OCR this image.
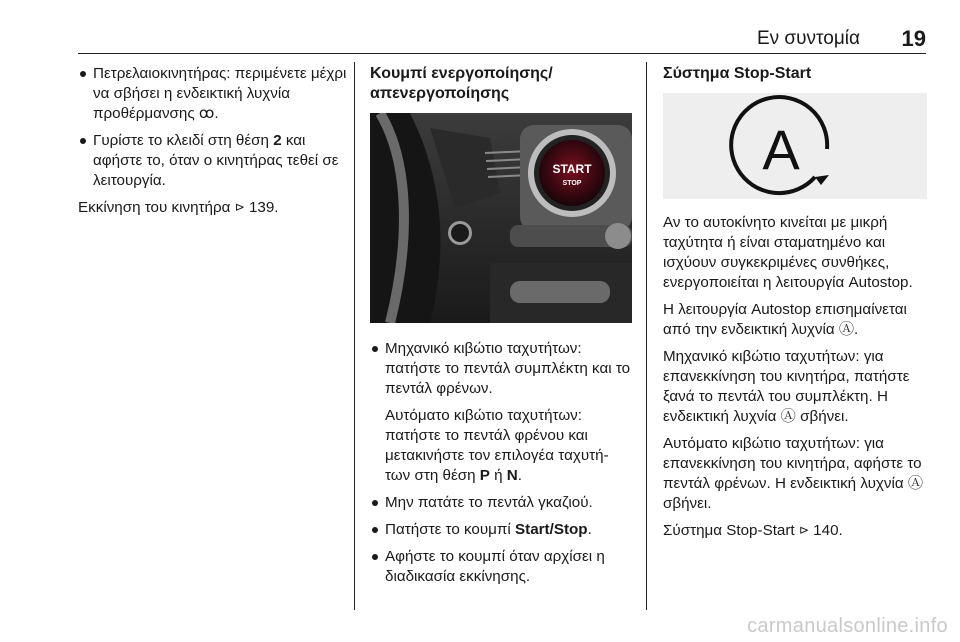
Εν συντομία 19
Πετρελαιοκινητήρας: περιμένετε μέχρι να σβήσει η ενδεικτική λυχνία προθέρμανσης ꝏ.
Γυρίστε το κλειδί στη θέση 2 και αφήστε το, όταν ο κινητήρας τεθεί σε λειτουργία.
Εκκίνηση του κινητήρα ⊳ 139.
Κουμπί ενεργοποίησης/ απενεργοποίησης
START
STOP
Μηχανικό κιβώτιο ταχυτήτων: πατήστε το πεντάλ συμπλέκτη και το πεντάλ φρένων.
Αυτόματο κιβώτιο ταχυτήτων: πατήστε το πεντάλ φρένου και μετακινήστε τον επιλογέα ταχυτή- των στη θέση P ή N.
Μην πατάτε το πεντάλ γκαζιού.
Πατήστε το κουμπί Start/Stop.
Αφήστε το κουμπί όταν αρχίσει η διαδικασία εκκίνησης.
Σύστημα Stop-Start
A
Αν το αυτοκίνητο κινείται με μικρή ταχύτητα ή είναι σταματημένο και ισχύουν συγκεκριμένες συνθήκες, ενεργοποιείται η λειτουργία Autostop.
Η λειτουργία Autostop επισημαίνεται από την ενδεικτική λυχνία Ⓐ.
Μηχανικό κιβώτιο ταχυτήτων: για επανεκκίνηση του κινητήρα, πατήστε ξανά το πεντάλ του συμπλέκτη. Η ενδεικτική λυχνία Ⓐ σβήνει.
Αυτόματο κιβώτιο ταχυτήτων: για επανεκκίνηση του κινητήρα, αφήστε το πεντάλ φρένων. Η ενδεικτική λυχνία Ⓐ σβήνει.
Σύστημα Stop-Start ⊳ 140.
carmanualsonline.info
